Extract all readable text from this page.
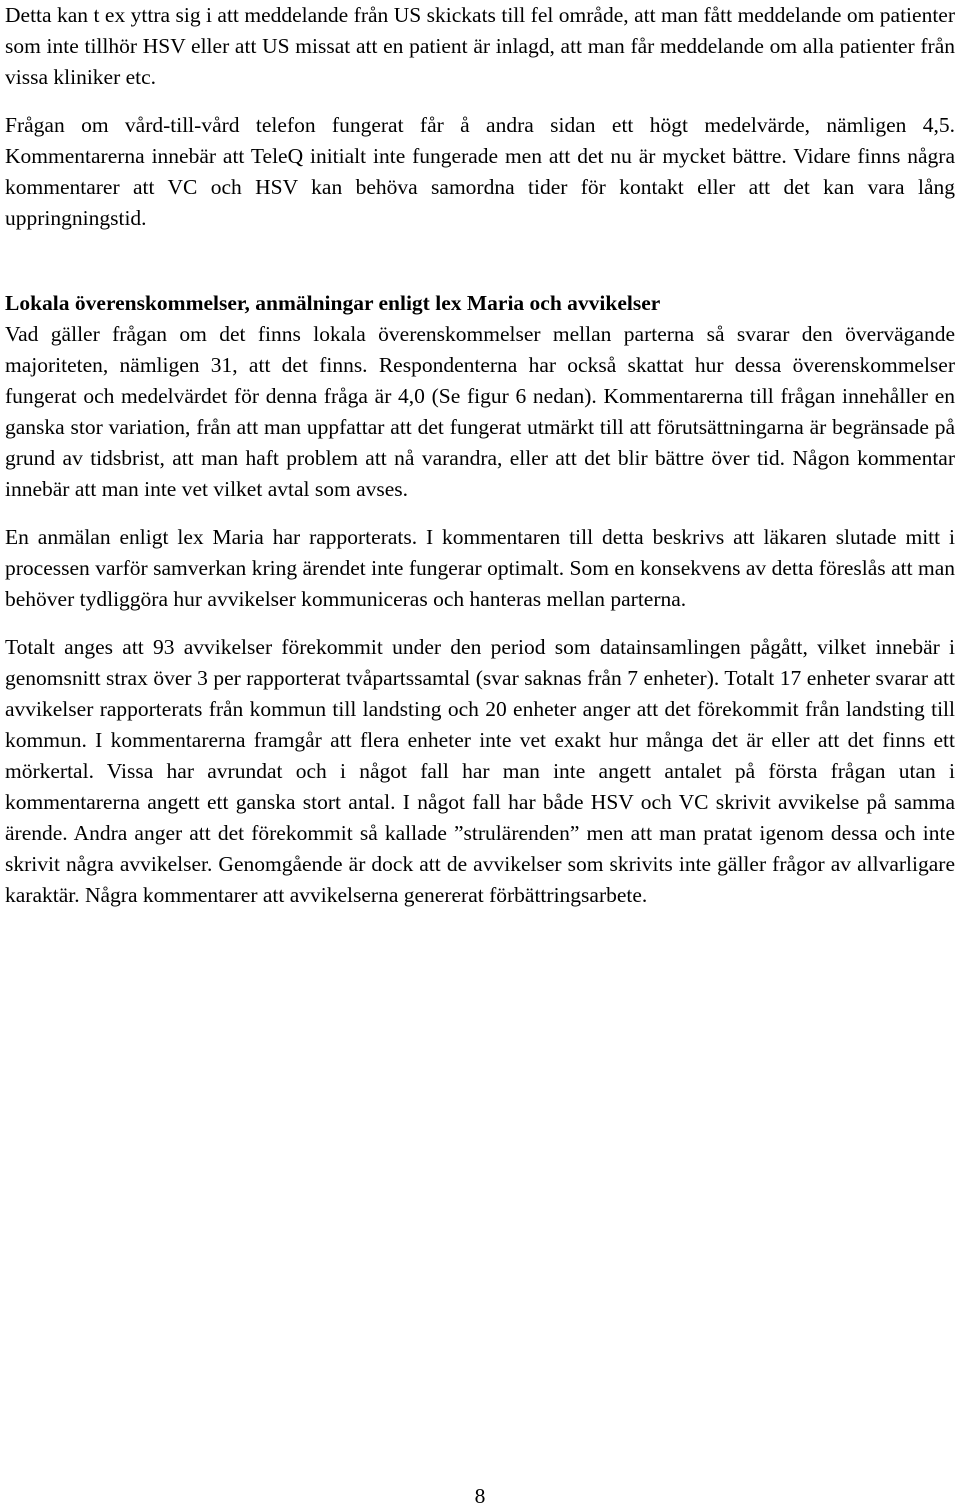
Detta kan t ex yttra sig i att meddelande från US skickats till fel område, att man fått meddelande om patienter som inte tillhör HSV eller att US missat att en patient är inlagd, att man får meddelande om alla patienter från vissa kliniker etc.

Frågan om vård-till-vård telefon fungerat får å andra sidan ett högt medelvärde, nämligen 4,5. Kommentarerna innebär att TeleQ initialt inte fungerade men att det nu är mycket bättre. Vidare finns några kommentarer att VC och HSV kan behöva samordna tider för kontakt eller att det kan vara lång uppringningstid.

Lokala överenskommelser, anmälningar enligt lex Maria och avvikelser

Vad gäller frågan om det finns lokala överenskommelser mellan parterna så svarar den övervägande majoriteten, nämligen 31, att det finns. Respondenterna har också skattat hur dessa överenskommelser fungerat och medelvärdet för denna fråga är 4,0 (Se figur 6 nedan). Kommentarerna till frågan innehåller en ganska stor variation, från att man uppfattar att det fungerat utmärkt till att förutsättningarna är begränsade på grund av tidsbrist, att man haft problem att nå varandra, eller att det blir bättre över tid. Någon kommentar innebär att man inte vet vilket avtal som avses.

En anmälan enligt lex Maria har rapporterats. I kommentaren till detta beskrivs att läkaren slutade mitt i processen varför samverkan kring ärendet inte fungerar optimalt. Som en konsekvens av detta föreslås att man behöver tydliggöra hur avvikelser kommuniceras och hanteras mellan parterna.

Totalt anges att 93 avvikelser förekommit under den period som datainsamlingen pågått, vilket innebär i genomsnitt strax över 3 per rapporterat tvåpartssamtal (svar saknas från 7 enheter). Totalt 17 enheter svarar att avvikelser rapporterats från kommun till landsting och 20 enheter anger att det förekommit från landsting till kommun. I kommentarerna framgår att flera enheter inte vet exakt hur många det är eller att det finns ett mörkertal. Vissa har avrundat och i något fall har man inte angett antalet på första frågan utan i kommentarerna angett ett ganska stort antal. I något fall har både HSV och VC skrivit avvikelse på samma ärende. Andra anger att det förekommit så kallade ”strulärenden” men att man pratat igenom dessa och inte skrivit några avvikelser. Genomgående är dock att de avvikelser som skrivits inte gäller frågor av allvarligare karaktär. Några kommentarer att avvikelserna genererat förbättringsarbete.

8
